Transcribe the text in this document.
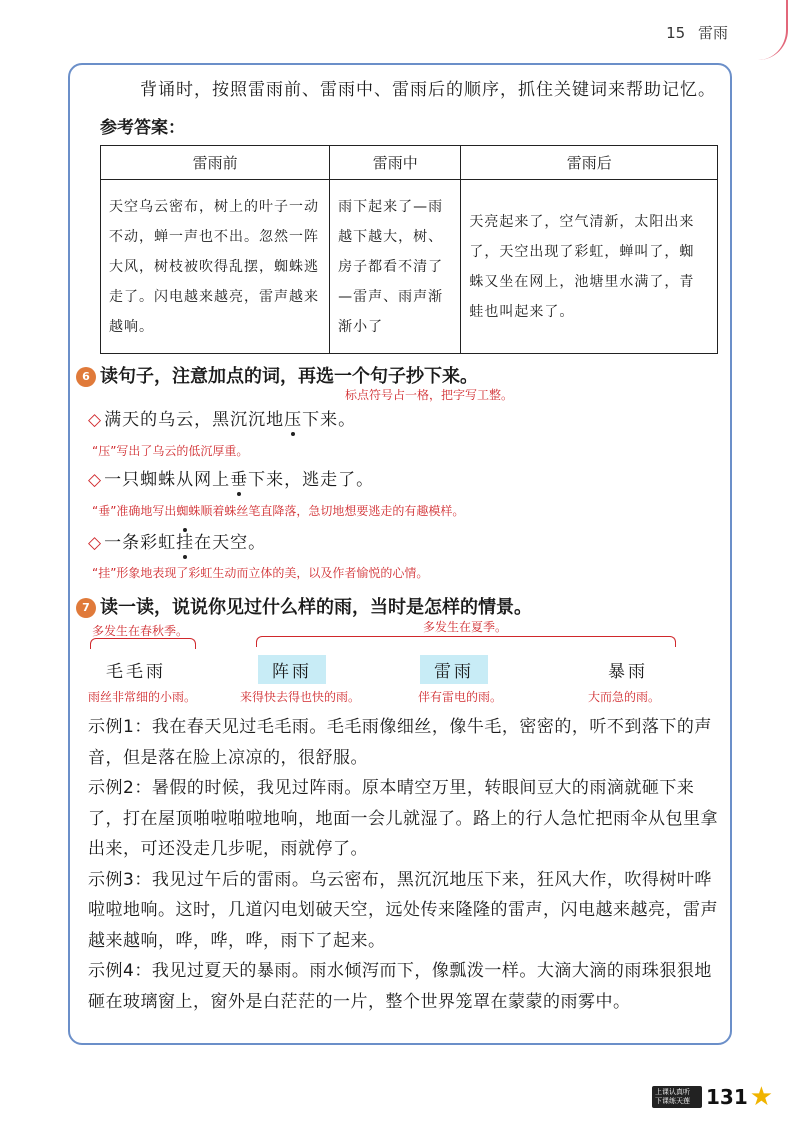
15 雷雨
背诵时，按照雷雨前、雷雨中、雷雨后的顺序，抓住关键词来帮助记忆。
参考答案：
雷雨前	雷雨中	雷雨后
天空乌云密布，树上的叶子一动不动，蝉一声也不出。忽然一阵大风，树枝被吹得乱摆，蜘蛛逃走了。闪电越来越亮，雷声越来越响。	雨下起来了—雨越下越大，树、房子都看不清了—雷声、雨声渐渐小了	天亮起来了，空气清新，太阳出来了，天空出现了彩虹，蝉叫了，蜘蛛又坐在网上，池塘里水满了，青蛙也叫起来了。
6 读句子，注意加点的词，再选一个句子抄下来。
标点符号占一格，把字写工整。
◇ 满天的乌云，黑沉沉地压下来。
“压”写出了乌云的低沉厚重。
◇ 一只蜘蛛从网上垂下来，逃走了。
“垂”准确地写出蜘蛛顺着蛛丝笔直降落，急切地想要逃走的有趣模样。
◇ 一条彩虹挂在天空。
“挂”形象地表现了彩虹生动而立体的美，以及作者愉悦的心情。
7 读一读，说说你见过什么样的雨，当时是怎样的情景。
多发生在春秋季。	多发生在夏季。
毛毛雨	阵雨	雷雨	暴雨
雨丝非常细的小雨。	来得快去得也快的雨。	伴有雷电的雨。	大而急的雨。

示例1：我在春天见过毛毛雨。毛毛雨像细丝，像牛毛，密密的，听不到落下的声音，但是落在脸上凉凉的，很舒服。

示例2：暑假的时候，我见过阵雨。原本晴空万里，转眼间豆大的雨滴就砸下来了，打在屋顶啪啦啪啦地响，地面一会儿就湿了。路上的行人急忙把雨伞从包里拿出来，可还没走几步呢，雨就停了。

示例3：我见过午后的雷雨。乌云密布，黑沉沉地压下来，狂风大作，吹得树叶哗啦啦地响。这时，几道闪电划破天空，远处传来隆隆的雷声，闪电越来越亮，雷声越来越响，哗，哗，哗，雨下了起来。

示例4：我见过夏天的暴雨。雨水倾泻而下，像瓢泼一样。大滴大滴的雨珠狠狠地砸在玻璃窗上，窗外是白茫茫的一片，整个世界笼罩在蒙蒙的雨雾中。

上课认真听
下课练天莲 131 ★
